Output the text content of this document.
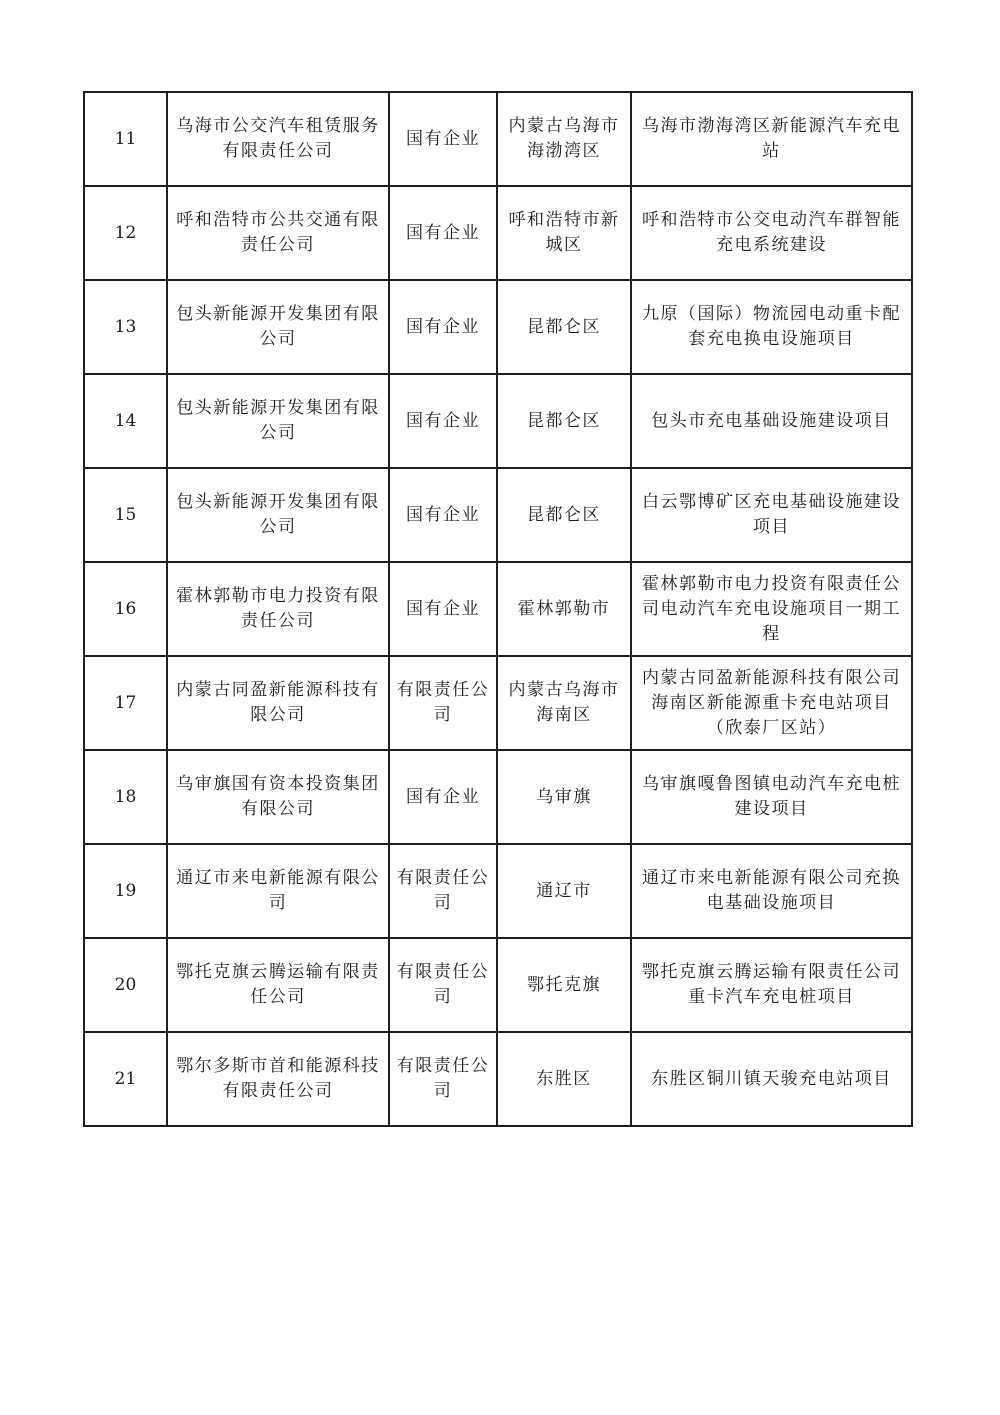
11	乌海市公交汽车租赁服务有限责任公司	国有企业	内蒙古乌海市海渤湾区	乌海市渤海湾区新能源汽车充电站
12	呼和浩特市公共交通有限责任公司	国有企业	呼和浩特市新城区	呼和浩特市公交电动汽车群智能充电系统建设
13	包头新能源开发集团有限公司	国有企业	昆都仑区	九原（国际）物流园电动重卡配套充电换电设施项目
14	包头新能源开发集团有限公司	国有企业	昆都仑区	包头市充电基础设施建设项目
15	包头新能源开发集团有限公司	国有企业	昆都仑区	白云鄂博矿区充电基础设施建设项目
16	霍林郭勒市电力投资有限责任公司	国有企业	霍林郭勒市	霍林郭勒市电力投资有限责任公司电动汽车充电设施项目一期工程
17	内蒙古同盈新能源科技有限公司	有限责任公司	内蒙古乌海市海南区	内蒙古同盈新能源科技有限公司海南区新能源重卡充电站项目（欣泰厂区站）
18	乌审旗国有资本投资集团有限公司	国有企业	乌审旗	乌审旗嘎鲁图镇电动汽车充电桩建设项目
19	通辽市来电新能源有限公司	有限责任公司	通辽市	通辽市来电新能源有限公司充换电基础设施项目
20	鄂托克旗云腾运输有限责任公司	有限责任公司	鄂托克旗	鄂托克旗云腾运输有限责任公司重卡汽车充电桩项目
21	鄂尔多斯市首和能源科技有限责任公司	有限责任公司	东胜区	东胜区铜川镇天骏充电站项目
